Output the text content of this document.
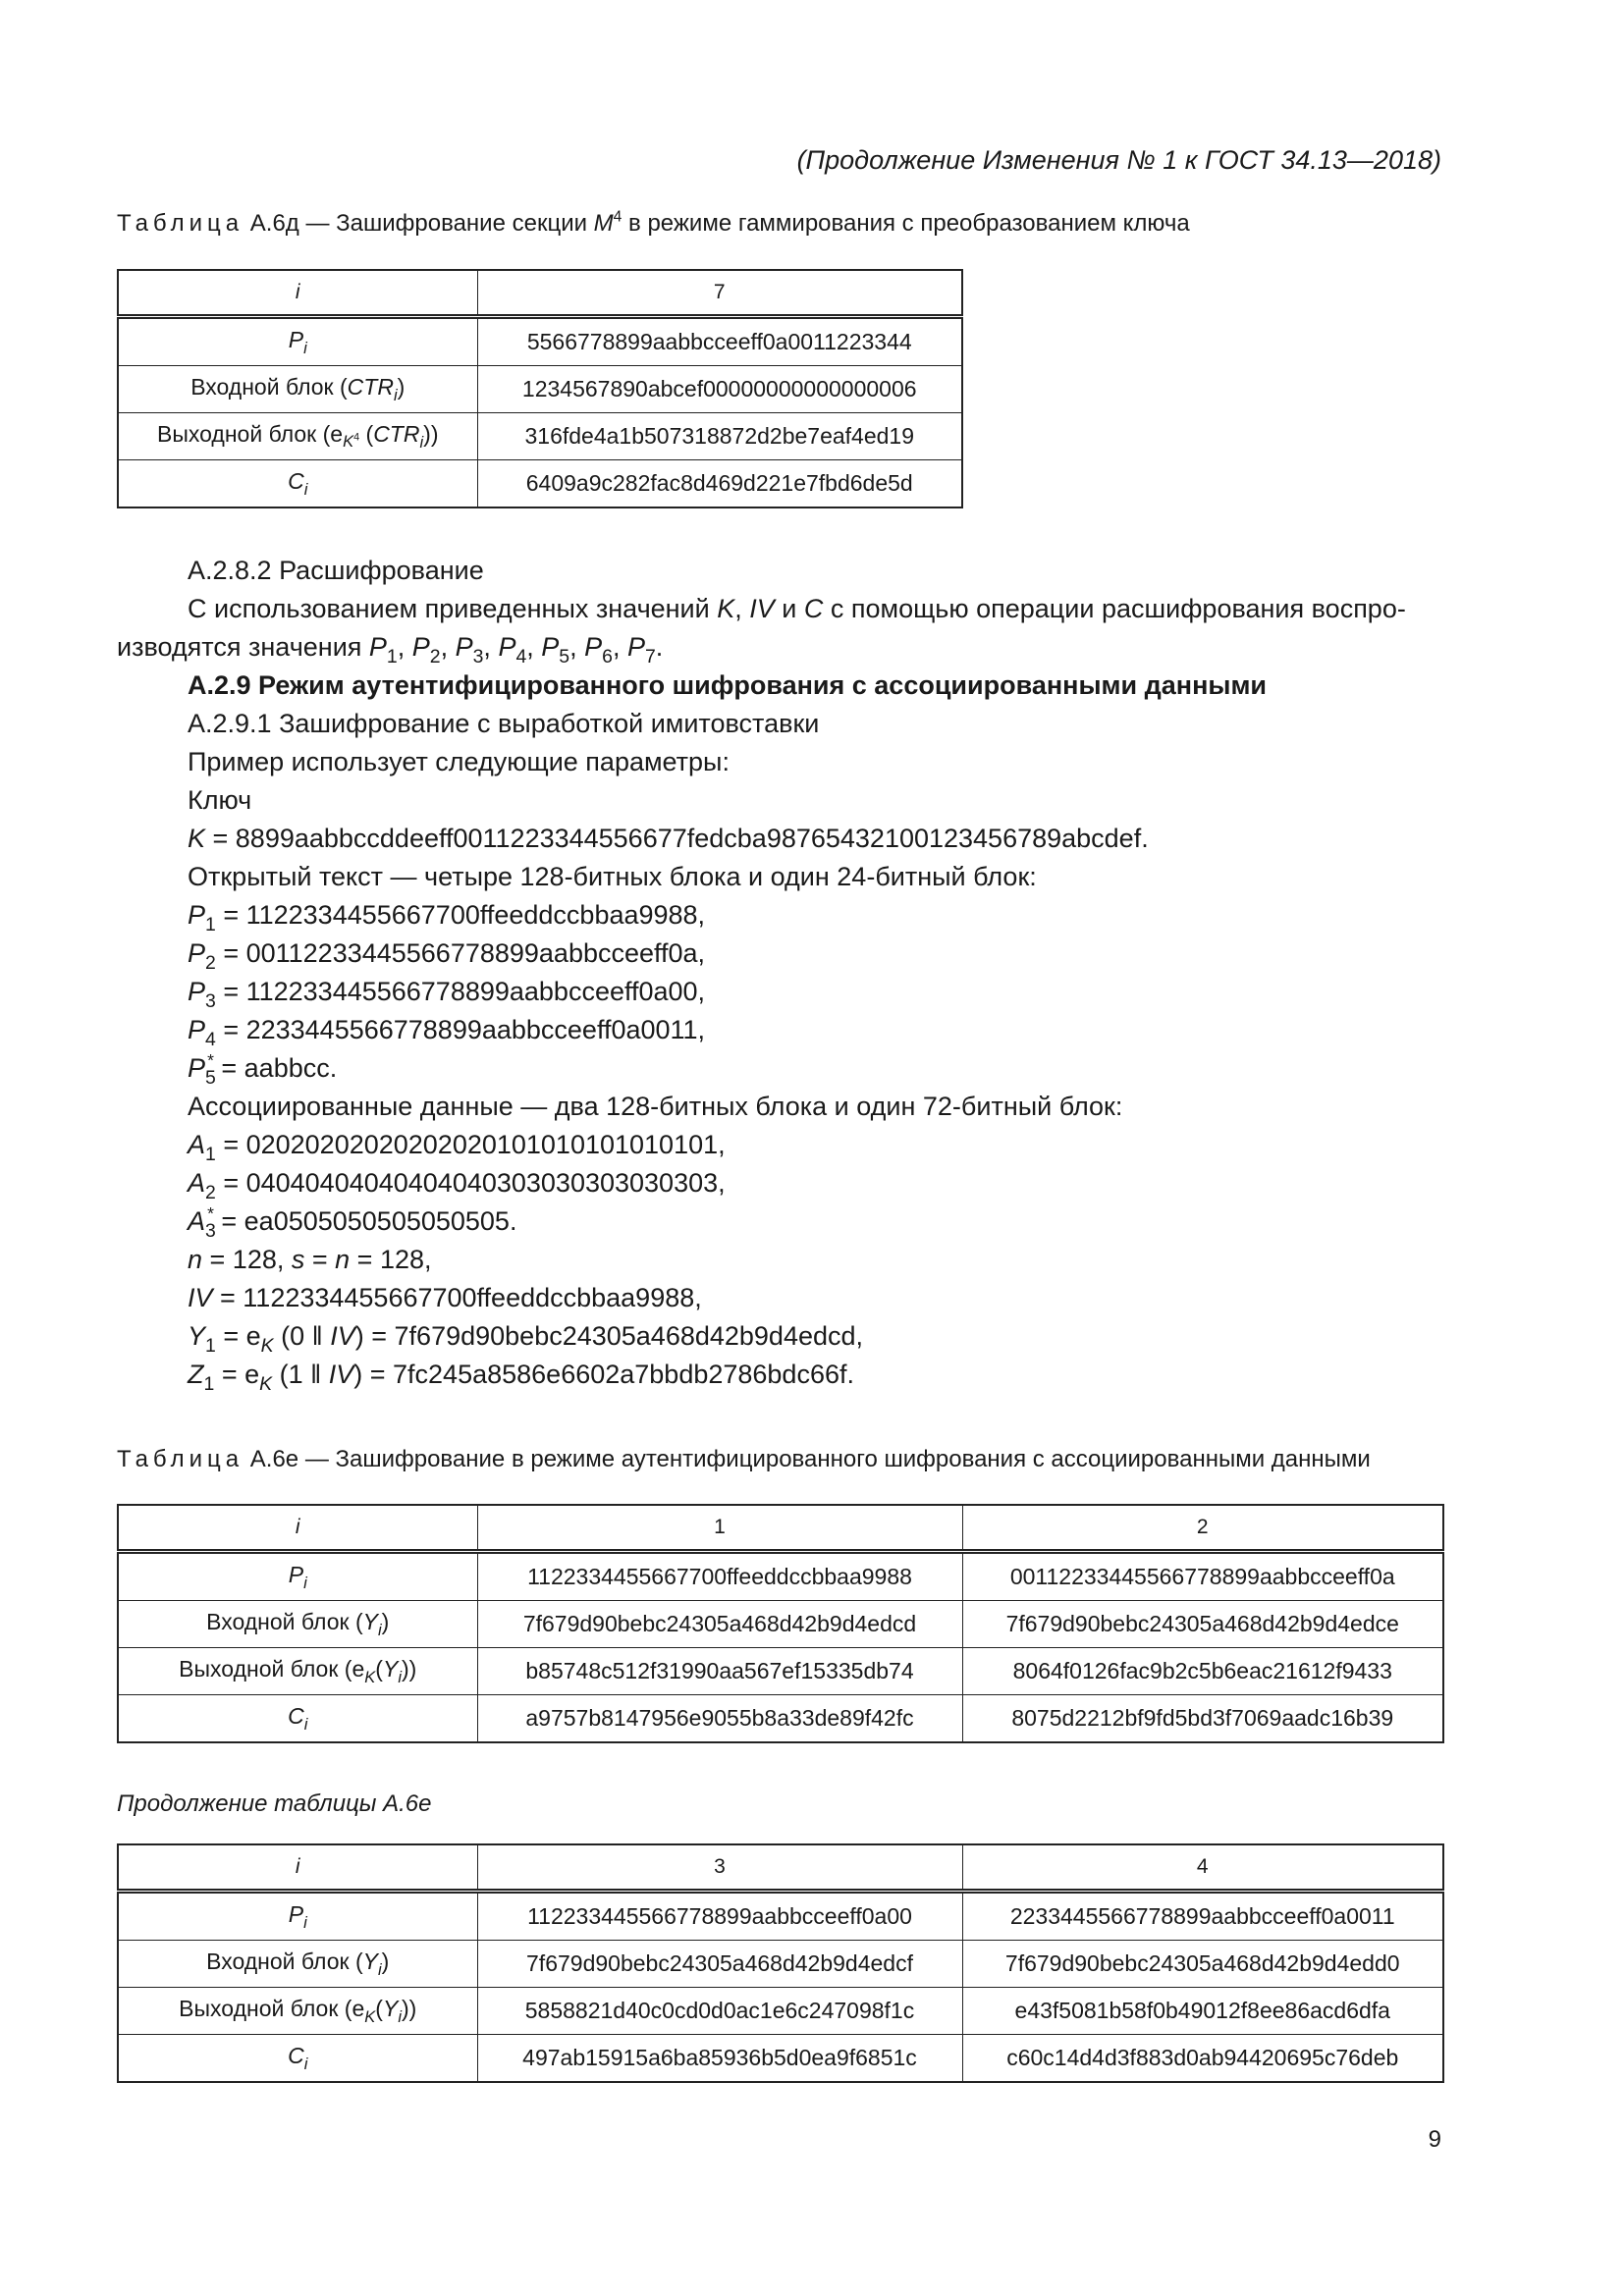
(Продолжение Изменения № 1 к ГОСТ 34.13—2018)
Таблица А.6д — Зашифрование секции $M^4$ в режиме гаммирования с преобразованием ключа
i	7
$P_i$	5566778899aabbcceeff0a0011223344
Входной блок $(CTR_i)$	1234567890abcef00000000000000006
Выходной блок ($e_{K^4}$ $(CTR_i)$)	316fde4a1b507318872d2be7eaf4ed19
$C_i$	6409a9c282fac8d469d221e7fbd6de5d
А.2.8.2 Расшифрование
С использованием приведенных значений K, IV и C с помощью операции расшифрования воспро-
изводятся значения $P_1$, $P_2$, $P_3$, $P_4$, $P_5$, $P_6$, $P_7$.
А.2.9 Режим аутентифицированного шифрования с ассоциированными данными
А.2.9.1 Зашифрование с выработкой имитовставки
Пример использует следующие параметры:
Ключ
K = 8899aabbccddeeff0011223344556677fedcba98765432100123456789abcdef.
Открытый текст — четыре 128-битных блока и один 24-битный блок:
$P_1$ = 1122334455667700ffeeddccbbaa9988,
$P_2$ = 00112233445566778899aabbcceeff0a,
$P_3$ = 112233445566778899aabbcceeff0a00,
$P_4$ = 2233445566778899aabbcceeff0a0011,
$P_5^*$ = aabbcc.
Ассоциированные данные — два 128-битных блока и один 72-битный блок:
$A_1 = 02020202020202020101010101010101$,
$A_2 = 04040404040404040303030303030303$,
$A_3^* = ea0505050505050505$.
n = 128, s = n = 128,
IV = 1122334455667700ffeeddccbbaa9988,
$Y_1 = e_K$ (0 ‖ IV) = 7f679d90bebc24305a468d42b9d4edcd,
$Z_1 = e_K$ (1 ‖ IV) = 7fc245a8586e6602a7bbdb2786bdc66f.
Таблица А.6е — Зашифрование в режиме аутентифицированного шифрования с ассоциированными данными
i	1	2
$P_i$	1122334455667700ffeeddccbbaa9988	00112233445566778899aabbcceeff0a
Входной блок $(Y_i)$	7f679d90bebc24305a468d42b9d4edcd	7f679d90bebc24305a468d42b9d4edce
Выходной блок $(e_K(Y_i))$	b85748c512f31990aa567ef15335db74	8064f0126fac9b2c5b6eac21612f9433
$C_i$	a9757b8147956e9055b8a33de89f42fc	8075d2212bf9fd5bd3f7069aadc16b39
Продолжение таблицы А.6е
i	3	4
$P_i$	112233445566778899aabbcceeff0a00	2233445566778899aabbcceeff0a0011
Входной блок $(Y_i)$	7f679d90bebc24305a468d42b9d4edcf	7f679d90bebc24305a468d42b9d4edd0
Выходной блок $(e_K(Y_i))$	5858821d40c0cd0d0ac1e6c247098f1c	e43f5081b58f0b49012f8ee86acd6dfa
$C_i$	497ab15915a6ba85936b5d0ea9f6851c	c60c14d4d3f883d0ab94420695c76deb
9
